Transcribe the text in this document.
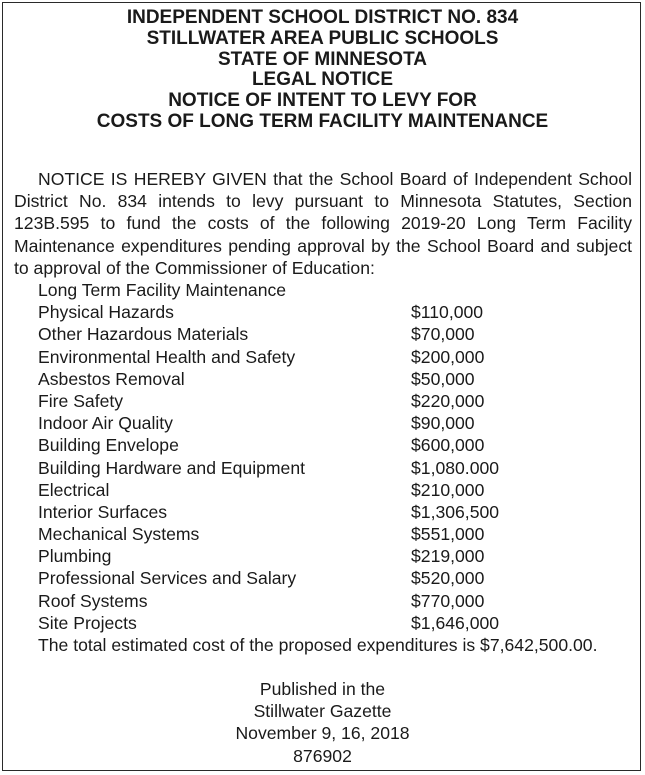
INDEPENDENT SCHOOL DISTRICT NO. 834
STILLWATER AREA PUBLIC SCHOOLS
STATE OF MINNESOTA
LEGAL NOTICE
NOTICE OF INTENT TO LEVY FOR
COSTS OF LONG TERM FACILITY MAINTENANCE
NOTICE IS HEREBY GIVEN that the School Board of Independent School District No. 834 intends to levy pursuant to Minnesota Statutes, Section 123B.595 to fund the costs of the following 2019-20 Long Term Facility Maintenance expenditures pending approval by the School Board and subject to approval of the Commissioner of Education:
Long Term Facility Maintenance
Physical Hazards	$110,000
Other Hazardous Materials	$70,000
Environmental Health and Safety	$200,000
Asbestos Removal	$50,000
Fire Safety	$220,000
Indoor Air Quality	$90,000
Building Envelope	$600,000
Building Hardware and Equipment	$1,080.000
Electrical	$210,000
Interior Surfaces	$1,306,500
Mechanical Systems	$551,000
Plumbing	$219,000
Professional Services and Salary	$520,000
Roof Systems	$770,000
Site Projects	$1,646,000
The total estimated cost of the proposed expenditures is $7,642,500.00.
Published in the
Stillwater Gazette
November 9, 16, 2018
876902
